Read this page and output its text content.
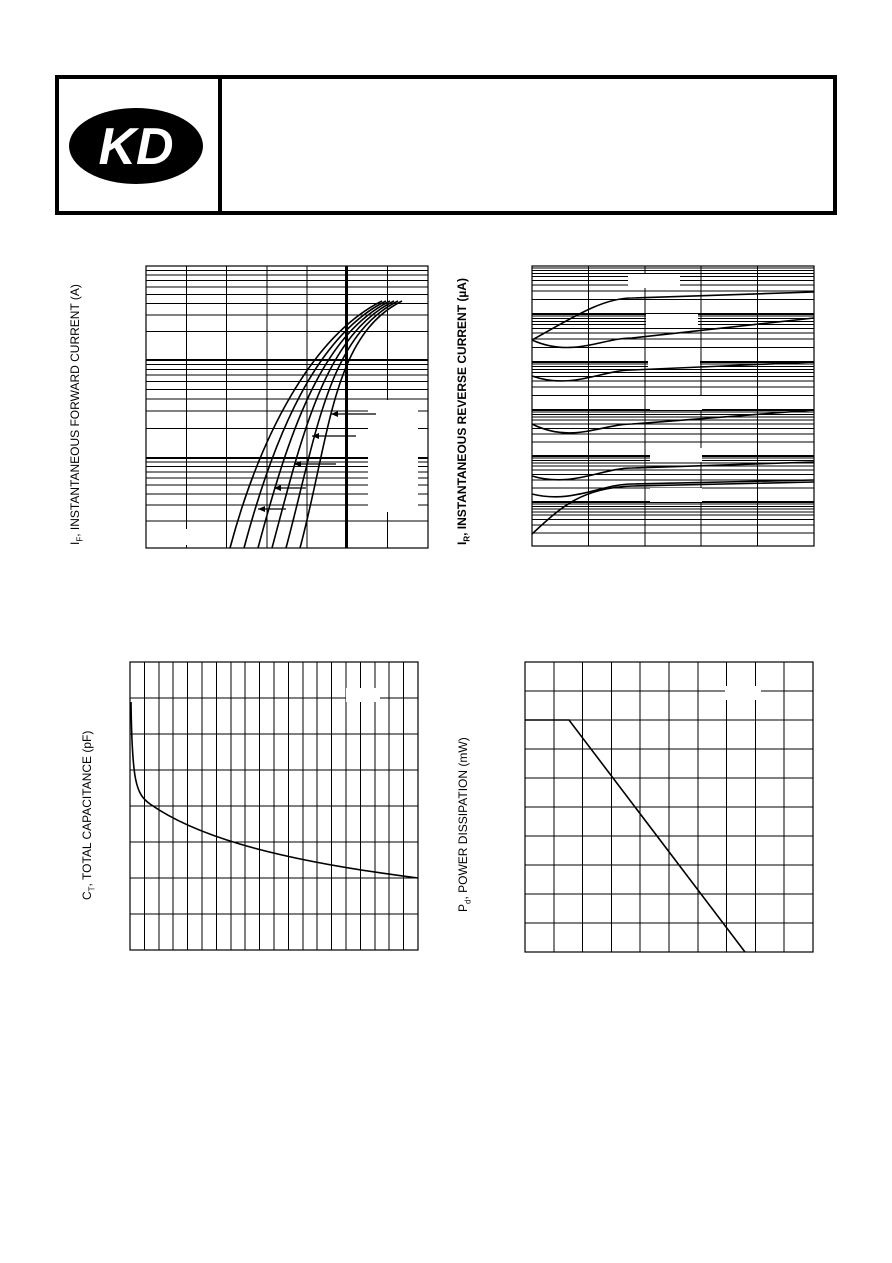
KD
$I_F$, INSTANTANEOUS FORWARD CURRENT (A)
$I_R$, INSTANTANEOUS REVERSE CURRENT (µA)
$C_T$, TOTAL CAPACITANCE (pF)
$P_d$, POWER DISSIPATION (mW)
